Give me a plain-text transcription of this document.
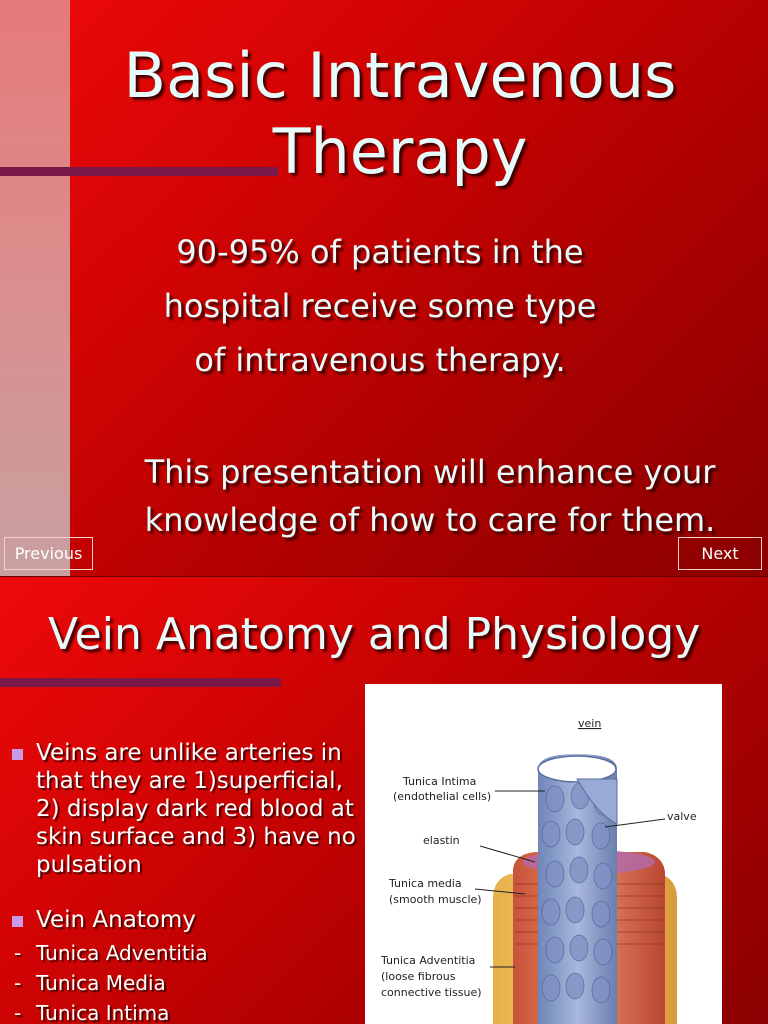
Basic Intravenous
Therapy
90-95% of patients in the
hospital receive some type
of intravenous therapy.
This presentation will enhance your
knowledge of how to care for them.
Previous	Next
Vein Anatomy and Physiology
Veins are unlike arteries in
that they are 1)superficial,
2) display dark red blood at
skin surface and 3) have no
pulsation
Vein Anatomy
- Tunica Adventitia
- Tunica Media
- Tunica Intima
vein
Tunica Intima
(endothelial cells)
valve
elastin
Tunica media
(smooth muscle)
Tunica Adventitia
(loose fibrous
connective tissue)
